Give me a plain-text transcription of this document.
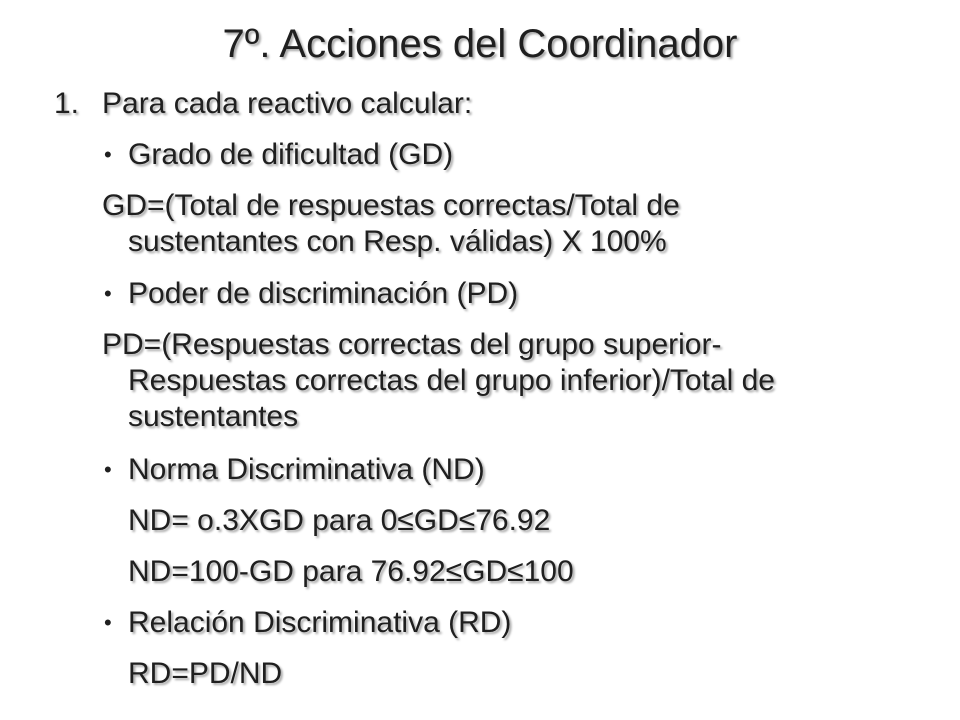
7º. Acciones del Coordinador
1. Para cada reactivo calcular:
• Grado de dificultad (GD)
GD=(Total de respuestas correctas/Total de
sustentantes con Resp. válidas) X 100%
• Poder de discriminación (PD)
PD=(Respuestas correctas del grupo superior-
Respuestas correctas del grupo inferior)/Total de
sustentantes
• Norma Discriminativa (ND)
ND= o.3XGD para 0≤GD≤76.92
ND=100-GD para 76.92≤GD≤100
• Relación Discriminativa (RD)
RD=PD/ND
